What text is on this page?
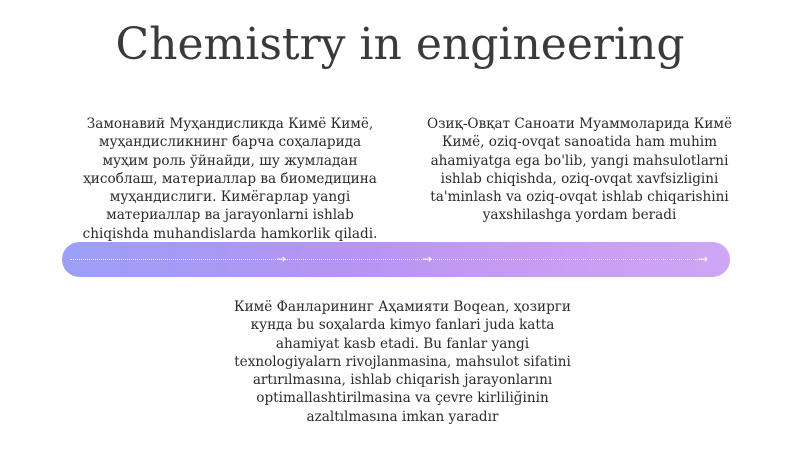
Chemistry in engineering
Замонавий Муҳандисликда Кимё Кимё, муҳандисликнинг барча соҳаларида муҳим роль ўйнайди, шу жумладан ҳисоблаш, материаллар ва биомедицина муҳандислиги. Кимёгарлар yangi материаллар ва jarayonlarni ishlab chiqishda muhandislarda hamkorlik qiladi.
Озиқ-Овқат Саноати Муаммоларида Кимё Кимё, oziq-ovqat sanoatida ham muhim ahamiyatga ega bo'lib, yangi mahsulotlarni ishlab chiqishda, oziq-ovqat xavfsizligini ta'minlash va oziq-ovqat ishlab chiqarishini yaxshilashga yordam beradi
→	→	→
Кимё Фанларининг Аҳамияти Boqean, ҳозирги кунда bu soҳalarda kimyo fanlari juda katta ahamiyat kasb etadi. Bu fanlar yangi texnologiyalarn rivojlanmasina, mahsulot sifatini artırılmasına, ishlab chiqarish jarayonlarını optimallashtirilmasina va çevre kirliliğinin azaltılmasına imkan yaradır
